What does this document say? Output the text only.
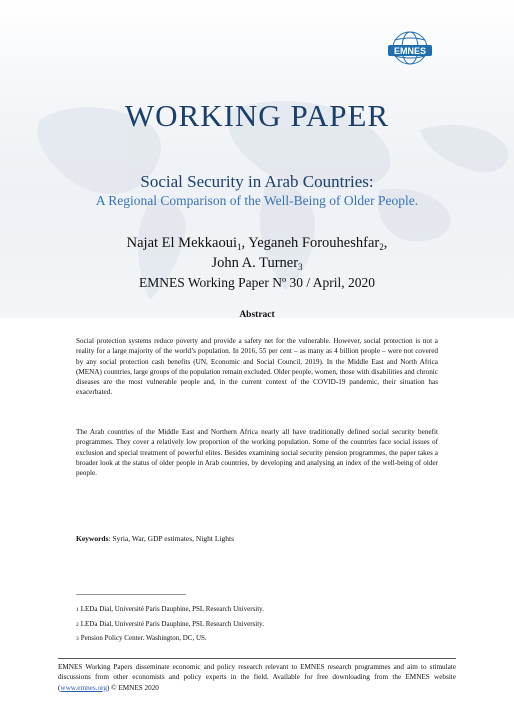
EMNES
WORKING PAPER
Social Security in Arab Countries:
A Regional Comparison of the Well-Being of Older People.
Najat El Mekkaoui$_1$, Yeganeh Forouheshfar$_2$,
John A. Turner$_3$
EMNES Working Paper Nº 30 / April, 2020
Abstract

Social protection systems reduce poverty and provide a safety net for the vulnerable. However, social protection is not a reality for a large majority of the world’s population. In 2016, 55 per cent – as many as 4 billion people – were not covered by any social protection cash benefits (UN, Economic and Social Council, 2019). In the Middle East and North Africa (MENA) countries, large groups of the population remain excluded. Older people, women, those with disabilities and chronic diseases are the most vulnerable people and, in the current context of the COVID-19 pandemic, their situation has exacerbated.

The Arab countries of the Middle East and Northern Africa nearly all have traditionally defined social security benefit programmes. They cover a relatively low proportion of the working population. Some of the countries face social issues of exclusion and special treatment of powerful elites. Besides examining social security pension programmes, the paper takes a broader look at the status of older people in Arab countries, by developing and analysing an index of the well-being of older people.

Keywords: Syria, War, GDP estimates, Night Lights
1 LEDa Dial, Université Paris Dauphine, PSL Research University.
2 LEDa Dial, Université Paris Dauphine, PSL Research University.
3 Pension Policy Center. Washington, DC, US.

EMNES Working Papers disseminate economic and policy research relevant to EMNES research programmes and aim to stimulate discussions from other economists and policy experts in the field. Available for free downloading from the EMNES website (www.emnes.org) © EMNES 2020
